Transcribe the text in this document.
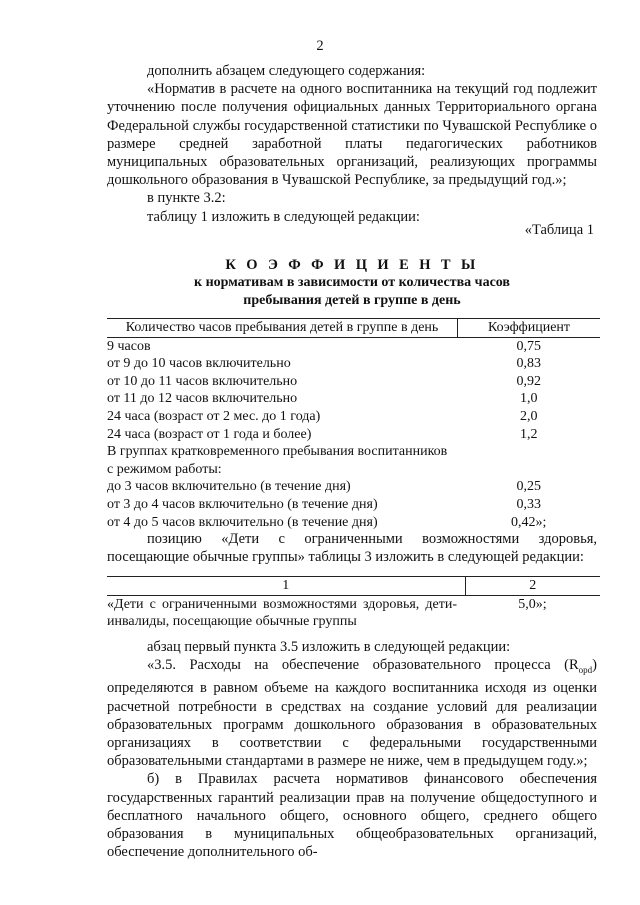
2

дополнить абзацем следующего содержания:

«Норматив в расчете на одного воспитанника на текущий год подлежит уточнению после получения официальных данных Территориального органа Федеральной службы государственной статистики по Чувашской Республике о размере средней заработной платы педагогических работников муниципальных образовательных организаций, реализующих программы дошкольного образования в Чувашской Республике, за предыдущий год.»;

в пункте 3.2:

таблицу 1 изложить в следующей редакции:

«Таблица 1
К О Э Ф Ф И Ц И Е Н Т Ы
к нормативам в зависимости от количества часов
пребывания детей в группе в день
Количество часов пребывания детей в группе в день	Коэффициент
9 часов	0,75
от 9 до 10 часов включительно	0,83
от 10 до 11 часов включительно	0,92
от 11 до 12 часов включительно	1,0
24 часа (возраст от 2 мес. до 1 года)	2,0
24 часа (возраст от 1 года и более)	1,2
В группах кратковременного пребывания воспитанников	
с режимом работы:	
до 3 часов включительно (в течение дня)	0,25
от 3 до 4 часов включительно (в течение дня)	0,33
от 4 до 5 часов включительно (в течение дня)	0,42»;

позицию «Дети с ограниченными возможностями здоровья, посещающие обычные группы» таблицы 3 изложить в следующей редакции:

1	2
«Дети с ограниченными возможностями здоровья, дети-инвалиды, посещающие обычные группы	5,0»;

абзац первый пункта 3.5 изложить в следующей редакции:

«3.5. Расходы на обеспечение образовательного процесса $(R_{opd})$ определяются в равном объеме на каждого воспитанника исходя из оценки расчетной потребности в средствах на создание условий для реализации образовательных программ дошкольного образования в образовательных организациях в соответствии с федеральными государственными образовательными стандартами в размере не ниже, чем в предыдущем году.»;

б) в Правилах расчета нормативов финансового обеспечения государственных гарантий реализации прав на получение общедоступного и бесплатного начального общего, основного общего, среднего общего образования в муниципальных общеобразовательных организаций, обеспечение дополнительного об-
